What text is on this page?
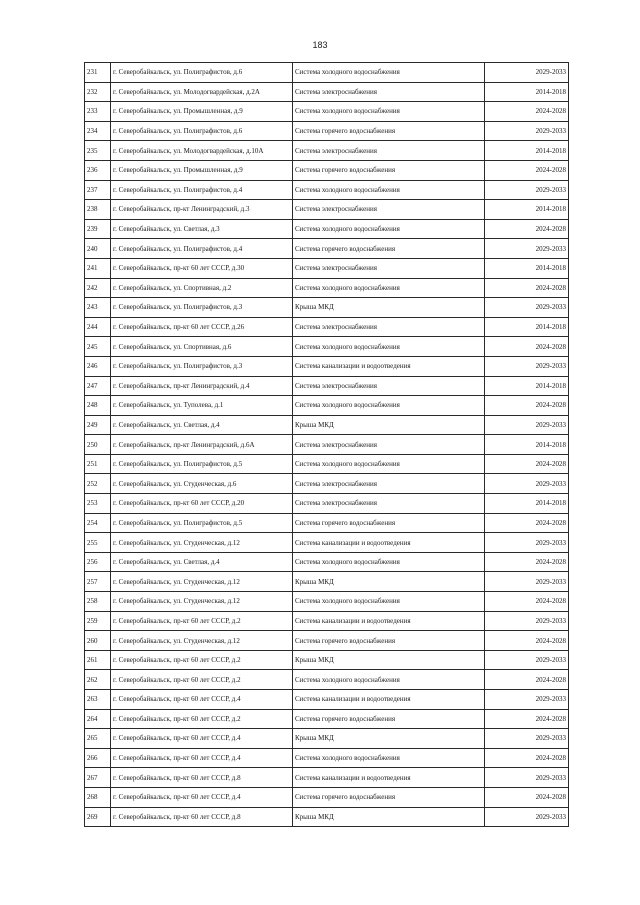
183
231	г. Северобайкальск, ул. Полиграфистов, д.6	Система холодного водоснабжения	2029-2033
232	г. Северобайкальск, ул. Молодогвардейская, д.2А	Система электроснабжения	2014-2018
233	г. Северобайкальск, ул. Промышленная, д.9	Система холодного водоснабжения	2024-2028
234	г. Северобайкальск, ул. Полиграфистов, д.6	Система горячего водоснабжения	2029-2033
235	г. Северобайкальск, ул. Молодогвардейская, д.10А	Система электроснабжения	2014-2018
236	г. Северобайкальск, ул. Промышленная, д.9	Система горячего водоснабжения	2024-2028
237	г. Северобайкальск, ул. Полиграфистов, д.4	Система холодного водоснабжения	2029-2033
238	г. Северобайкальск, пр-кт Ленинградский, д.3	Система электроснабжения	2014-2018
239	г. Северобайкальск, ул. Светлая, д.3	Система холодного водоснабжения	2024-2028
240	г. Северобайкальск, ул. Полиграфистов, д.4	Система горячего водоснабжения	2029-2033
241	г. Северобайкальск, пр-кт 60 лет СССР, д.30	Система электроснабжения	2014-2018
242	г. Северобайкальск, ул. Спортивная, д.2	Система холодного водоснабжения	2024-2028
243	г. Северобайкальск, ул. Полиграфистов, д.3	Крыша МКД	2029-2033
244	г. Северобайкальск, пр-кт 60 лет СССР, д.26	Система электроснабжения	2014-2018
245	г. Северобайкальск, ул. Спортивная, д.6	Система холодного водоснабжения	2024-2028
246	г. Северобайкальск, ул. Полиграфистов, д.3	Система канализации и водоотведения	2029-2033
247	г. Северобайкальск, пр-кт Ленинградский, д.4	Система электроснабжения	2014-2018
248	г. Северобайкальск, ул. Туполева, д.1	Система холодного водоснабжения	2024-2028
249	г. Северобайкальск, ул. Светлая, д.4	Крыша МКД	2029-2033
250	г. Северобайкальск, пр-кт Ленинградский, д.6А	Система электроснабжения	2014-2018
251	г. Северобайкальск, ул. Полиграфистов, д.5	Система холодного водоснабжения	2024-2028
252	г. Северобайкальск, ул. Студенческая, д.6	Система электроснабжения	2029-2033
253	г. Северобайкальск, пр-кт 60 лет СССР, д.20	Система электроснабжения	2014-2018
254	г. Северобайкальск, ул. Полиграфистов, д.5	Система горячего водоснабжения	2024-2028
255	г. Северобайкальск, ул. Студенческая, д.12	Система канализации и водоотведения	2029-2033
256	г. Северобайкальск, ул. Светлая, д.4	Система холодного водоснабжения	2024-2028
257	г. Северобайкальск, ул. Студенческая, д.12	Крыша МКД	2029-2033
258	г. Северобайкальск, ул. Студенческая, д.12	Система холодного водоснабжения	2024-2028
259	г. Северобайкальск, пр-кт 60 лет СССР, д.2	Система канализации и водоотведения	2029-2033
260	г. Северобайкальск, ул. Студенческая, д.12	Система горячего водоснабжения	2024-2028
261	г. Северобайкальск, пр-кт 60 лет СССР, д.2	Крыша МКД	2029-2033
262	г. Северобайкальск, пр-кт 60 лет СССР, д.2	Система холодного водоснабжения	2024-2028
263	г. Северобайкальск, пр-кт 60 лет СССР, д.4	Система канализации и водоотведения	2029-2033
264	г. Северобайкальск, пр-кт 60 лет СССР, д.2	Система горячего водоснабжения	2024-2028
265	г. Северобайкальск, пр-кт 60 лет СССР, д.4	Крыша МКД	2029-2033
266	г. Северобайкальск, пр-кт 60 лет СССР, д.4	Система холодного водоснабжения	2024-2028
267	г. Северобайкальск, пр-кт 60 лет СССР, д.8	Система канализации и водоотведения	2029-2033
268	г. Северобайкальск, пр-кт 60 лет СССР, д.4	Система горячего водоснабжения	2024-2028
269	г. Северобайкальск, пр-кт 60 лет СССР, д.8	Крыша МКД	2029-2033
